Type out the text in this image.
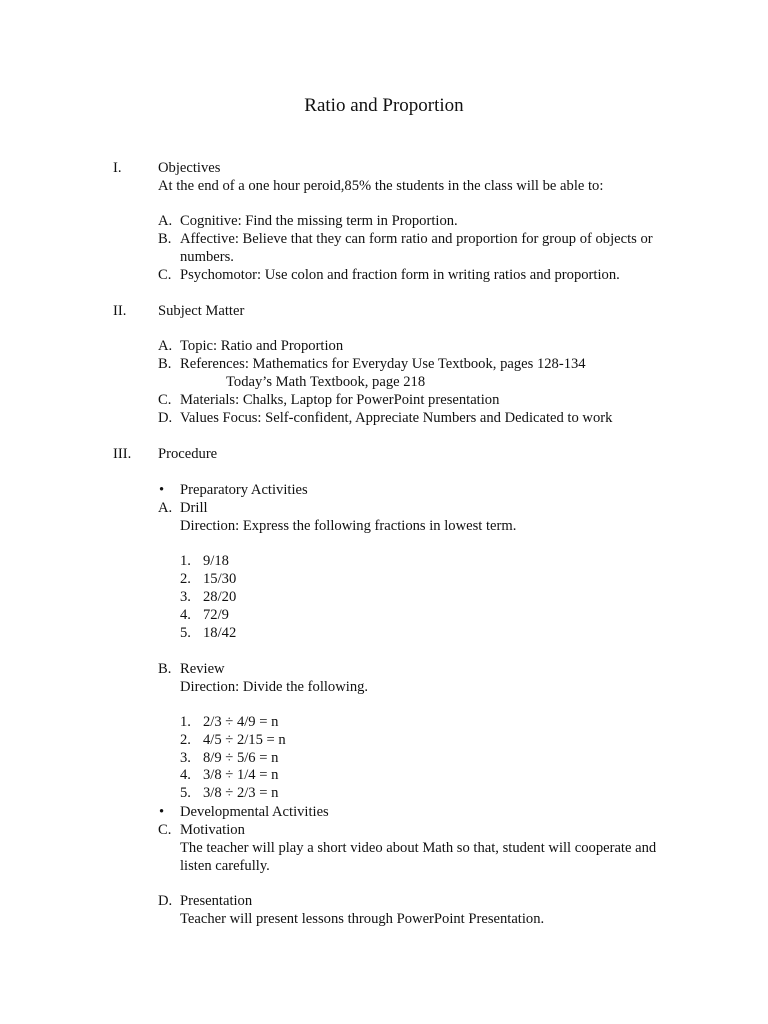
Ratio and Proportion
I. Objectives
At the end of a one hour peroid,85% the students in the class will be able to:
A. Cognitive: Find the missing term in Proportion.
B. Affective: Believe that they can form ratio and proportion for group of objects or
numbers.
C. Psychomotor: Use colon and fraction form in writing ratios and proportion.
II. Subject Matter
A. Topic: Ratio and Proportion
B. References: Mathematics for Everyday Use Textbook, pages 128-134
Today’s Math Textbook, page 218
C. Materials: Chalks, Laptop for PowerPoint presentation
D. Values Focus: Self-confident, Appreciate Numbers and Dedicated to work
III. Procedure
• Preparatory Activities
A. Drill
Direction: Express the following fractions in lowest term.
1. 9/18
2. 15/30
3. 28/20
4. 72/9
5. 18/42
B. Review
Direction: Divide the following.
1. 2/3 ÷ 4/9 = n
2. 4/5 ÷ 2/15 = n
3. 8/9 ÷ 5/6 = n
4. 3/8 ÷ 1/4 = n
5. 3/8 ÷ 2/3 = n
• Developmental Activities
C. Motivation
The teacher will play a short video about Math so that, student will cooperate and
listen carefully.
D. Presentation
Teacher will present lessons through PowerPoint Presentation.
